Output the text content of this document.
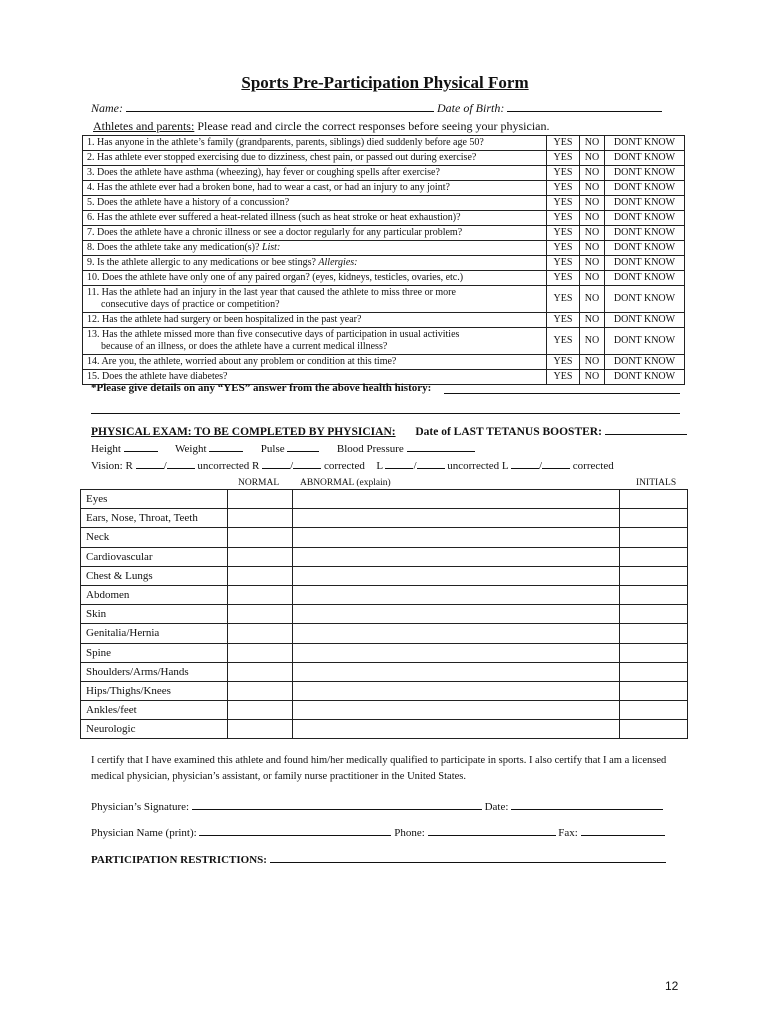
Sports Pre-Participation Physical Form
Name:	Date of Birth:
Athletes and parents: Please read and circle the correct responses before seeing your physician.
1. Has anyone in the athlete’s family (grandparents, parents, siblings) died suddenly before age 50?	YES	NO	DONT KNOW
2. Has athlete ever stopped exercising due to dizziness, chest pain, or passed out during exercise?	YES	NO	DONT KNOW
3. Does the athlete have asthma (wheezing), hay fever or coughing spells after exercise?	YES	NO	DONT KNOW
4. Has the athlete ever had a broken bone, had to wear a cast, or had an injury to any joint?	YES	NO	DONT KNOW
5. Does the athlete have a history of a concussion?	YES	NO	DONT KNOW
6. Has the athlete ever suffered a heat-related illness (such as heat stroke or heat exhaustion)?	YES	NO	DONT KNOW
7. Does the athlete have a chronic illness or see a doctor regularly for any particular problem?	YES	NO	DONT KNOW
8. Does the athlete take any medication(s)? List:	YES	NO	DONT KNOW
9. Is the athlete allergic to any medications or bee stings? Allergies:	YES	NO	DONT KNOW
10. Does the athlete have only one of any paired organ? (eyes, kidneys, testicles, ovaries, etc.)	YES	NO	DONT KNOW
11. Has the athlete had an injury in the last year that caused the athlete to miss three or more
consecutive days of practice or competition?	YES	NO	DONT KNOW
12. Has the athlete had surgery or been hospitalized in the past year?	YES	NO	DONT KNOW
13. Has the athlete missed more than five consecutive days of participation in usual activities
because of an illness, or does the athlete have a current medical illness?	YES	NO	DONT KNOW
14. Are you, the athlete, worried about any problem or condition at this time?	YES	NO	DONT KNOW
15. Does the athlete have diabetes?	YES	NO	DONT KNOW
*Please give details on any “YES” answer from the above health history:
PHYSICAL EXAM: TO BE COMPLETED BY PHYSICIAN: Date of LAST TETANUS BOOSTER:
Height	Weight	Pulse	Blood Pressure
Vision: R	/	uncorrected R	/	corrected L	/	uncorrected L	/	corrected
NORMAL ABNORMAL (explain)	INITIALS
Eyes			
Ears, Nose, Throat, Teeth			
Neck			
Cardiovascular			
Chest & Lungs			
Abdomen			
Skin			
Genitalia/Hernia			
Spine			
Shoulders/Arms/Hands			
Hips/Thighs/Knees			
Ankles/feet			
Neurologic			
I certify that I have examined this athlete and found him/her medically qualified to participate in sports. I also certify that I am a licensed medical physician, physician’s assistant, or family nurse practitioner in the United States.
Physician’s Signature:	Date:
Physician Name (print):	Phone:	Fax:
PARTICIPATION RESTRICTIONS:
12
